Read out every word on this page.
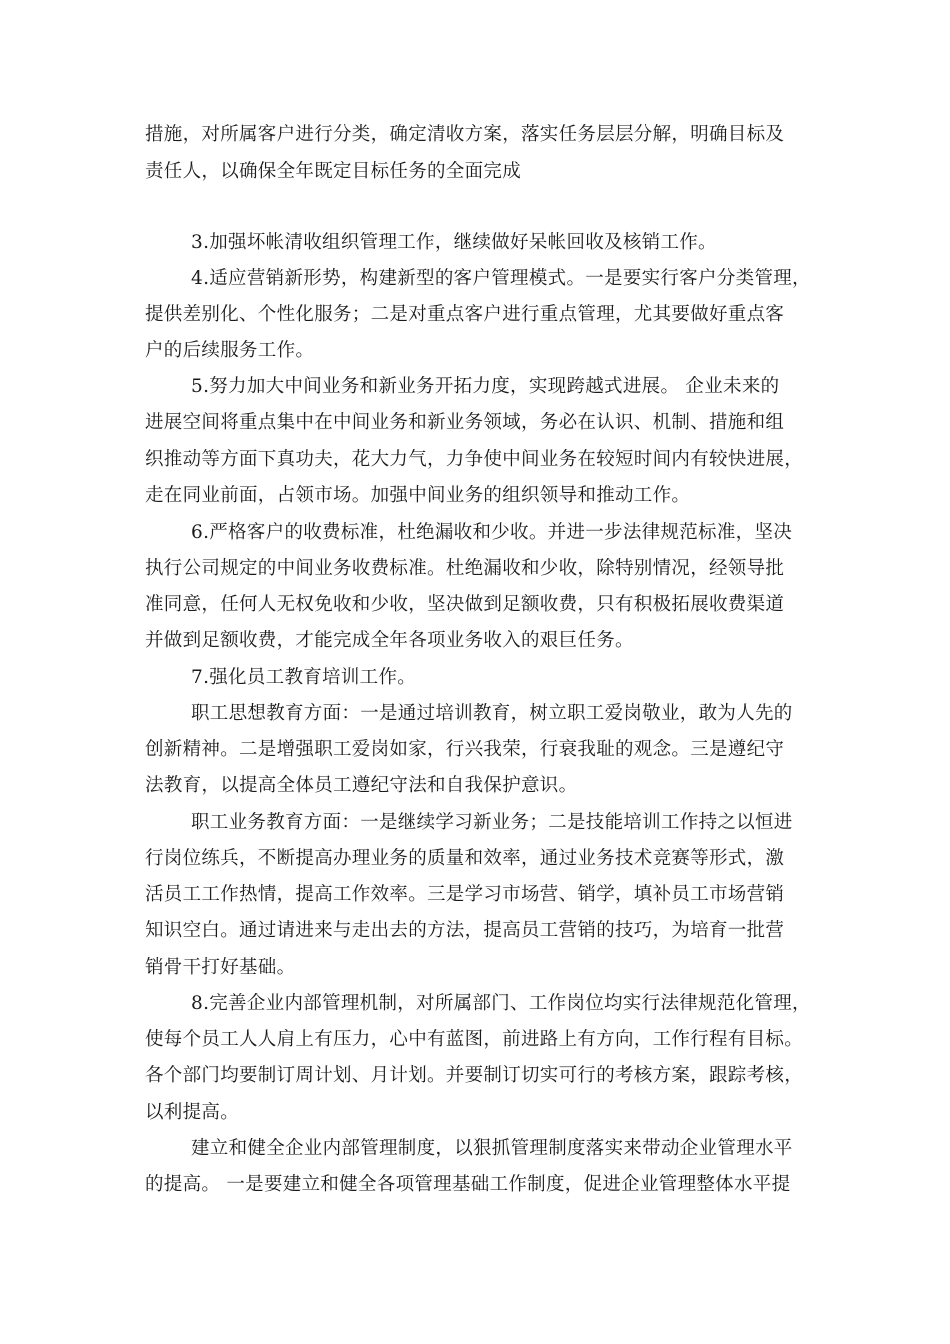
措施，对所属客户进行分类，确定清收方案，落实任务层层分解，明确目标及
责任人，以确保全年既定目标任务的全面完成
3.加强坏帐清收组织管理工作，继续做好呆帐回收及核销工作。
4.适应营销新形势，构建新型的客户管理模式。一是要实行客户分类管理，
提供差别化、个性化服务；二是对重点客户进行重点管理，尤其要做好重点客
户的后续服务工作。
5.努力加大中间业务和新业务开拓力度，实现跨越式进展。 企业未来的
进展空间将重点集中在中间业务和新业务领域，务必在认识、机制、措施和组
织推动等方面下真功夫，花大力气，力争使中间业务在较短时间内有较快进展，
走在同业前面，占领市场。加强中间业务的组织领导和推动工作。
6.严格客户的收费标准，杜绝漏收和少收。并进一步法律规范标准，坚决
执行公司规定的中间业务收费标准。杜绝漏收和少收，除特别情况，经领导批
准同意，任何人无权免收和少收，坚决做到足额收费，只有积极拓展收费渠道
并做到足额收费，才能完成全年各项业务收入的艰巨任务。
7.强化员工教育培训工作。
职工思想教育方面：一是通过培训教育，树立职工爱岗敬业，敢为人先的
创新精神。二是增强职工爱岗如家，行兴我荣，行衰我耻的观念。三是遵纪守
法教育，以提高全体员工遵纪守法和自我保护意识。
职工业务教育方面：一是继续学习新业务；二是技能培训工作持之以恒进
行岗位练兵，不断提高办理业务的质量和效率，通过业务技术竞赛等形式，激
活员工工作热情，提高工作效率。三是学习市场营、销学，填补员工市场营销
知识空白。通过请进来与走出去的方法，提高员工营销的技巧，为培育一批营
销骨干打好基础。
8.完善企业内部管理机制，对所属部门、工作岗位均实行法律规范化管理，
使每个员工人人肩上有压力，心中有蓝图，前进路上有方向，工作行程有目标。
各个部门均要制订周计划、月计划。并要制订切实可行的考核方案，跟踪考核，
以利提高。
建立和健全企业内部管理制度，以狠抓管理制度落实来带动企业管理水平
的提高。 一是要建立和健全各项管理基础工作制度，促进企业管理整体水平提
